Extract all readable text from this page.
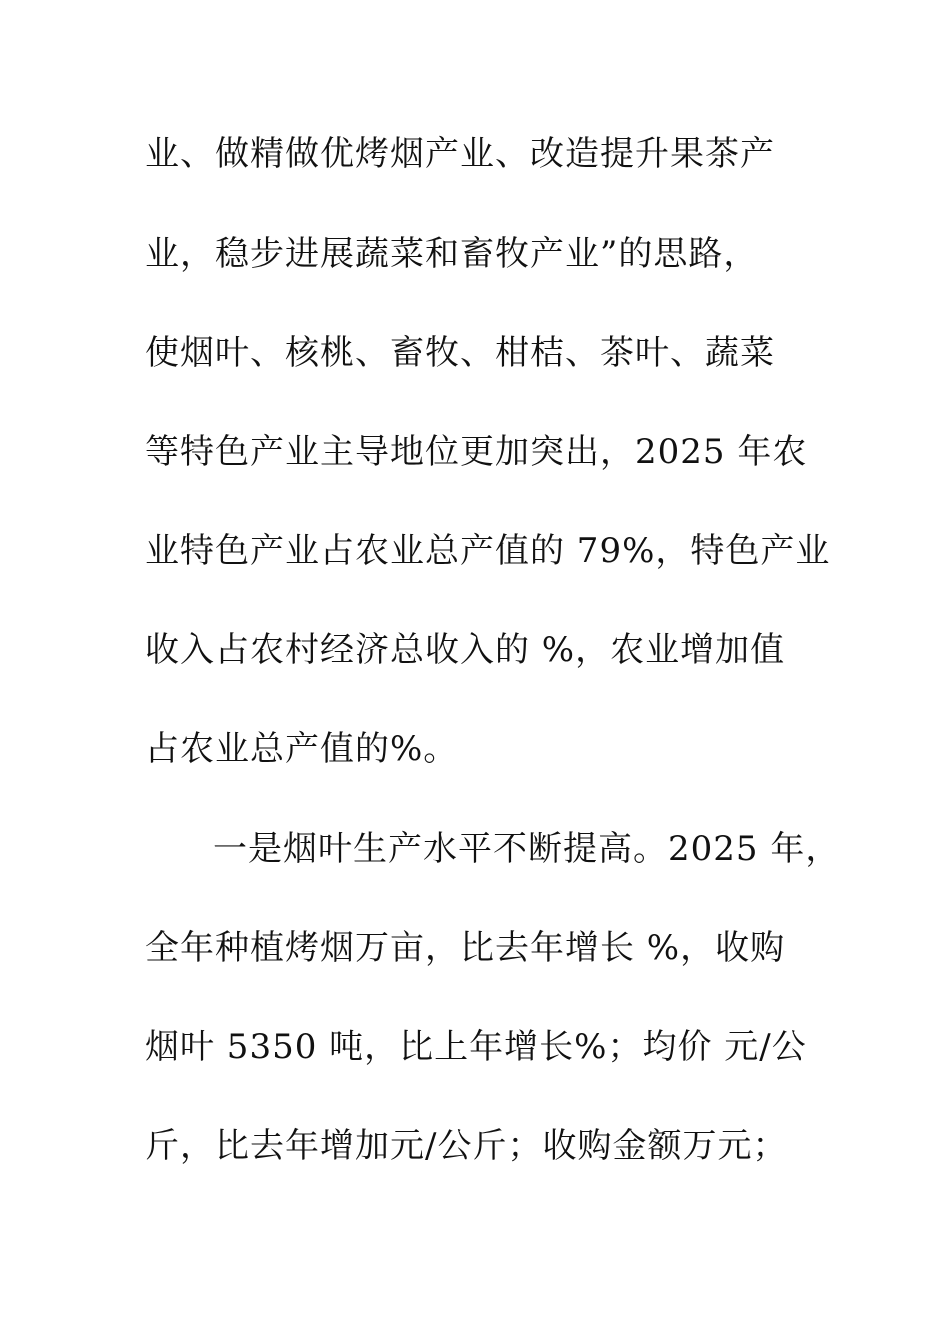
业、做精做优烤烟产业、改造提升果茶产
业，稳步进展蔬菜和畜牧产业”的思路，
使烟叶、核桃、畜牧、柑桔、茶叶、蔬菜
等特色产业主导地位更加突出，2025 年农
业特色产业占农业总产值的 79%，特色产业
收入占农村经济总收入的 %，农业增加值
占农业总产值的%。
一是烟叶生产水平不断提高。2025 年，
全年种植烤烟万亩，比去年增长 %，收购
烟叶 5350 吨，比上年增长%；均价 元/公
斤，比去年增加元/公斤；收购金额万元；
